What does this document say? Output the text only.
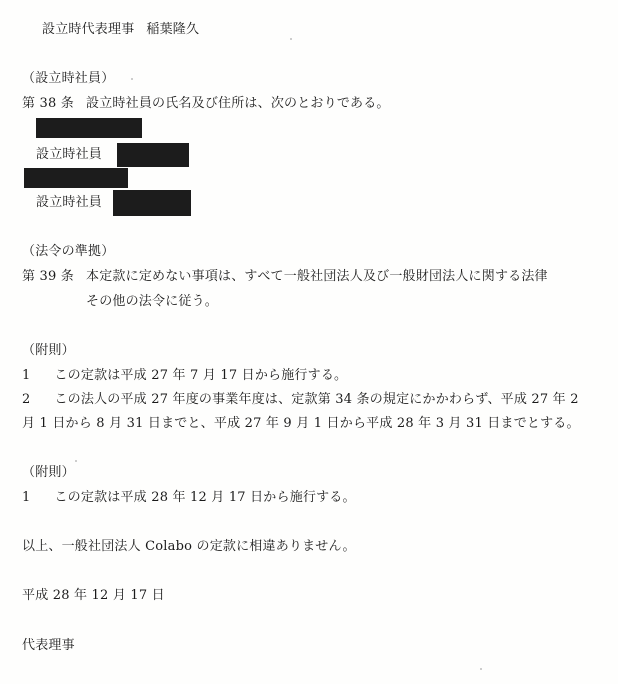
設立時代表理事 稲葉隆久
（設立時社員）
第 38 条 設立時社員の氏名及び住所は、次のとおりである。
設立時社員
設立時社員
（法令の準拠）
第 39 条 本定款に定めない事項は、すべて一般社団法人及び一般財団法人に関する法律
その他の法令に従う。
（附則）
1 この定款は平成 27 年 7 月 17 日から施行する。
2 この法人の平成 27 年度の事業年度は、定款第 34 条の規定にかかわらず、平成 27 年 2
月 1 日から 8 月 31 日までと、平成 27 年 9 月 1 日から平成 28 年 3 月 31 日までとする。
（附則）
1 この定款は平成 28 年 12 月 17 日から施行する。
以上、一般社団法人 Colabo の定款に相違ありません。
平成 28 年 12 月 17 日
代表理事
